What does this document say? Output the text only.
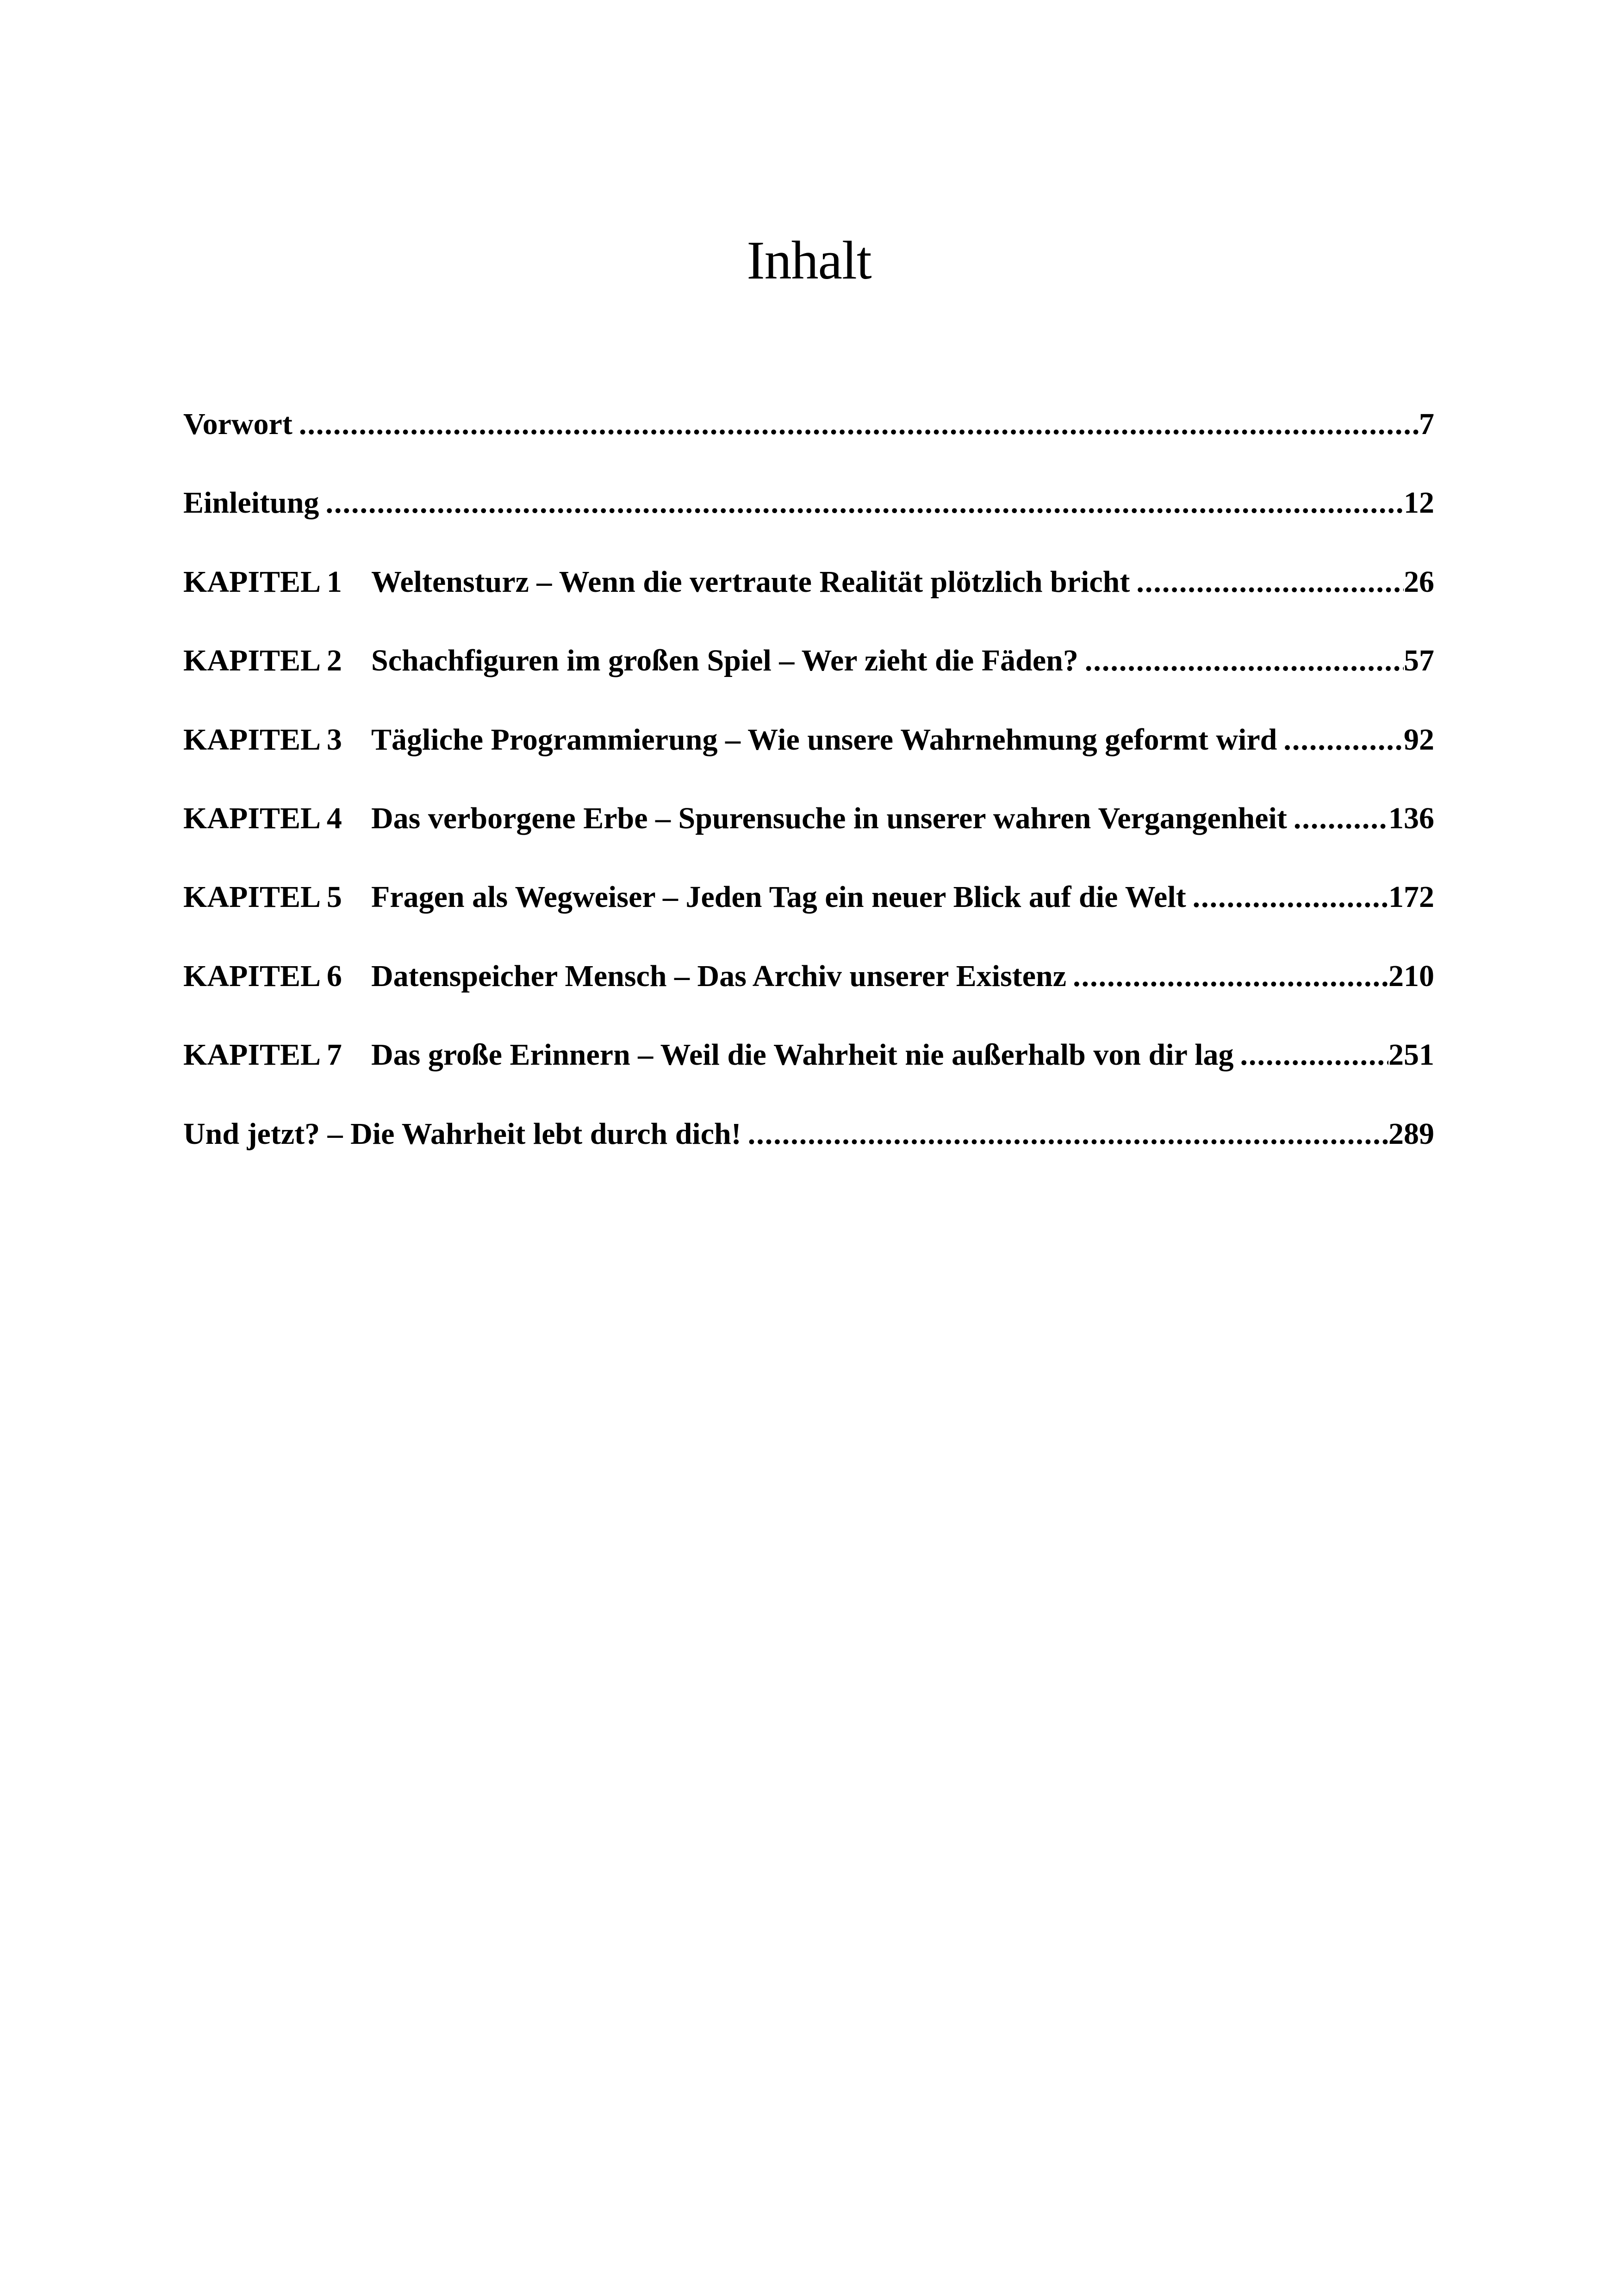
Inhalt
Vorwort .....	7
Einleitung .....	12
KAPITEL 1 Weltensturz – Wenn die vertraute Realität plötzlich bricht .....	26
KAPITEL 2 Schachfiguren im großen Spiel – Wer zieht die Fäden? .....	57
KAPITEL 3 Tägliche Programmierung – Wie unsere Wahrnehmung geformt wird .....	92
KAPITEL 4 Das verborgene Erbe – Spurensuche in unserer wahren Vergangenheit .....	136
KAPITEL 5 Fragen als Wegweiser – Jeden Tag ein neuer Blick auf die Welt .....	172
KAPITEL 6 Datenspeicher Mensch – Das Archiv unserer Existenz .....	210
KAPITEL 7 Das große Erinnern – Weil die Wahrheit nie außerhalb von dir lag .....	251
Und jetzt? – Die Wahrheit lebt durch dich! .....	289
